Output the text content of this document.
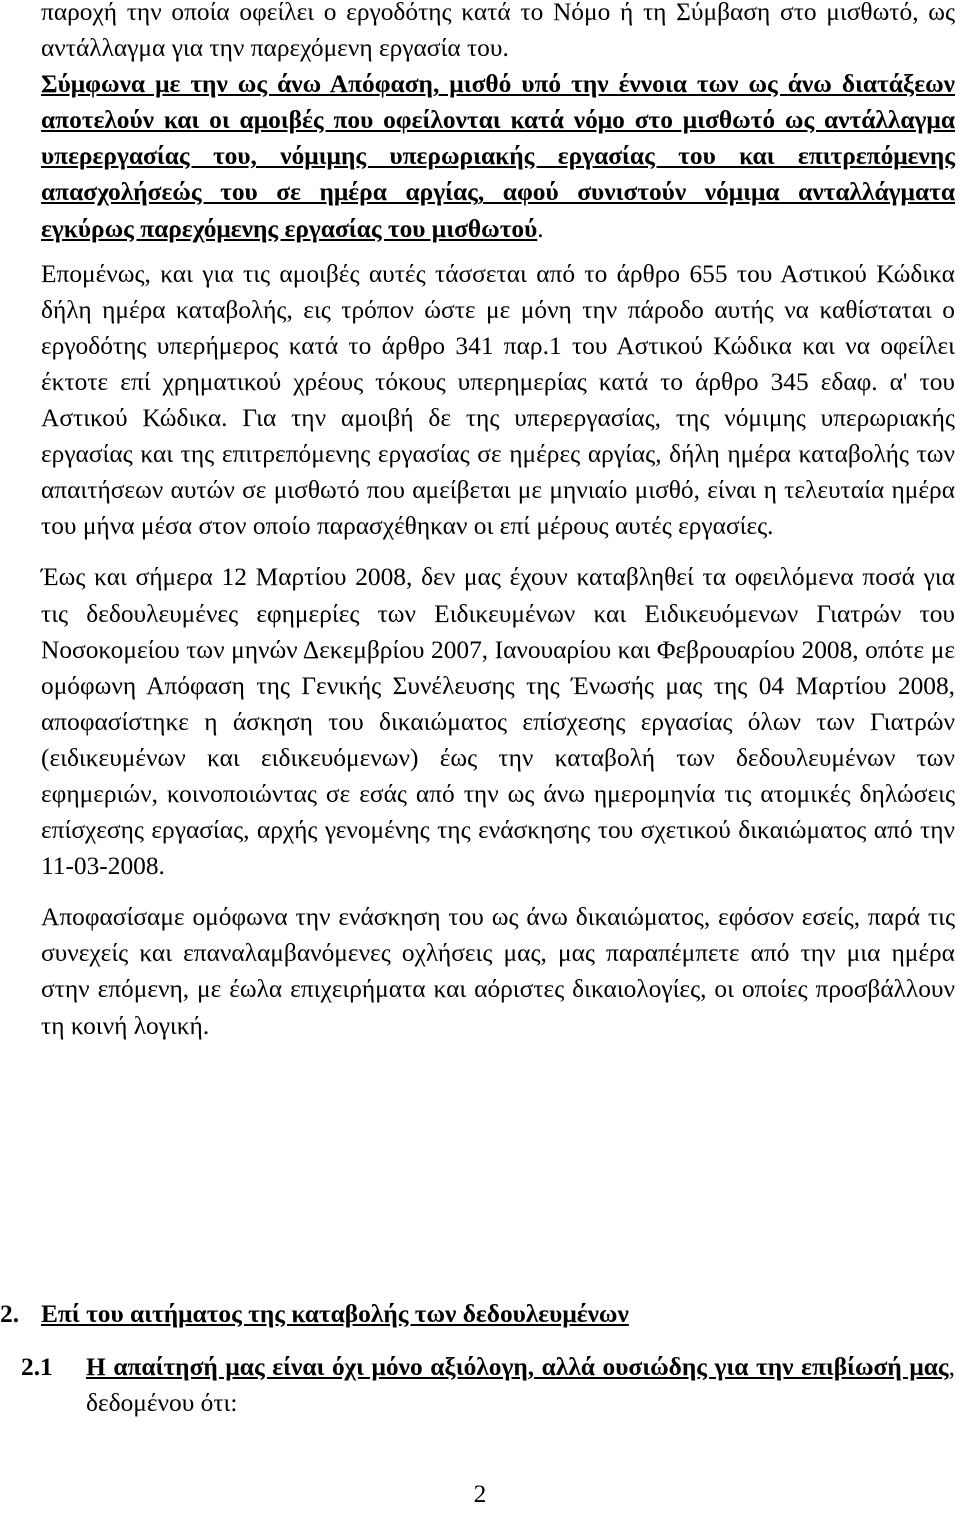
παροχή την οποία οφείλει ο εργοδότης κατά το Νόμο ή τη Σύμβαση στο μισθωτό, ως αντάλλαγμα για την παρεχόμενη εργασία του.

Σύμφωνα με την ως άνω Απόφαση, μισθό υπό την έννοια των ως άνω διατάξεων αποτελούν και οι αμοιβές που οφείλονται κατά νόμο στο μισθωτό ως αντάλλαγμα υπερεργασίας του, νόμιμης υπερωριακής εργασίας του και επιτρεπόμενης απασχολήσεώς του σε ημέρα αργίας, αφού συνιστούν νόμιμα ανταλλάγματα εγκύρως παρεχόμενης εργασίας του μισθωτού.

Επομένως, και για τις αμοιβές αυτές τάσσεται από το άρθρο 655 του Αστικού Κώδικα δήλη ημέρα καταβολής, εις τρόπον ώστε με μόνη την πάροδο αυτής να καθίσταται ο εργοδότης υπερήμερος κατά το άρθρο 341 παρ.1 του Αστικού Κώδικα και να οφείλει έκτοτε επί χρηματικού χρέους τόκους υπερημερίας κατά το άρθρο 345 εδαφ. α' του Αστικού Κώδικα. Για την αμοιβή δε της υπερεργασίας, της νόμιμης υπερωριακής εργασίας και της επιτρεπόμενης εργασίας σε ημέρες αργίας, δήλη ημέρα καταβολής των απαιτήσεων αυτών σε μισθωτό που αμείβεται με μηνιαίο μισθό, είναι η τελευταία ημέρα του μήνα μέσα στον οποίο παρασχέθηκαν οι επί μέρους αυτές εργασίες.

Έως και σήμερα 12 Μαρτίου 2008, δεν μας έχουν καταβληθεί τα οφειλόμενα ποσά για τις δεδουλευμένες εφημερίες των Ειδικευμένων και Ειδικευόμενων Γιατρών του Νοσοκομείου των μηνών Δεκεμβρίου 2007, Ιανουαρίου και Φεβρουαρίου 2008, οπότε με ομόφωνη Απόφαση της Γενικής Συνέλευσης της Ένωσής μας της 04 Μαρτίου 2008, αποφασίστηκε η άσκηση του δικαιώματος επίσχεσης εργασίας όλων των Γιατρών (ειδικευμένων και ειδικευόμενων) έως την καταβολή των δεδουλευμένων των εφημεριών, κοινοποιώντας σε εσάς από την ως άνω ημερομηνία τις ατομικές δηλώσεις επίσχεσης εργασίας, αρχής γενομένης της ενάσκησης του σχετικού δικαιώματος από την 11-03-2008.

Αποφασίσαμε ομόφωνα την ενάσκηση του ως άνω δικαιώματος, εφόσον εσείς, παρά τις συνεχείς και επαναλαμβανόμενες οχλήσεις μας, μας παραπέμπετε από την μια ημέρα στην επόμενη, με έωλα επιχειρήματα και αόριστες δικαιολογίες, οι οποίες προσβάλλουν τη κοινή λογική.

2. Επί του αιτήματος της καταβολής των δεδουλευμένων
2.1 Η απαίτησή μας είναι όχι μόνο αξιόλογη, αλλά ουσιώδης για την επιβίωσή μας, δεδομένου ότι:
2
